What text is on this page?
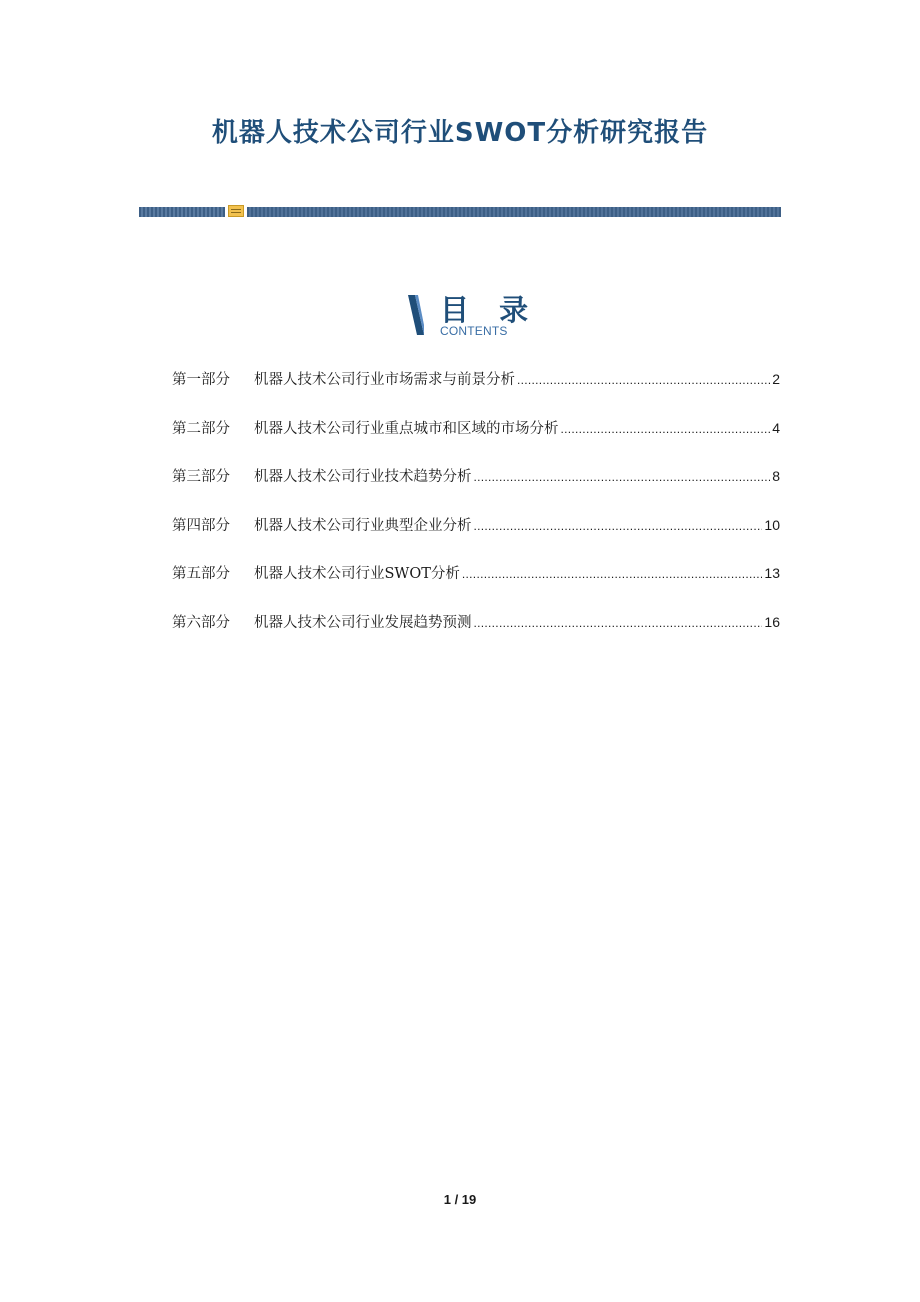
机器人技术公司行业SWOT分析研究报告
目 录
CONTENTS
第一部分	机器人技术公司行业市场需求与前景分析 .....	2
第二部分	机器人技术公司行业重点城市和区域的市场分析 .....	4
第三部分	机器人技术公司行业技术趋势分析 .....	8
第四部分	机器人技术公司行业典型企业分析 .....	10
第五部分	机器人技术公司行业SWOT分析 .....	13
第六部分	机器人技术公司行业发展趋势预测 .....	16
1 / 19
